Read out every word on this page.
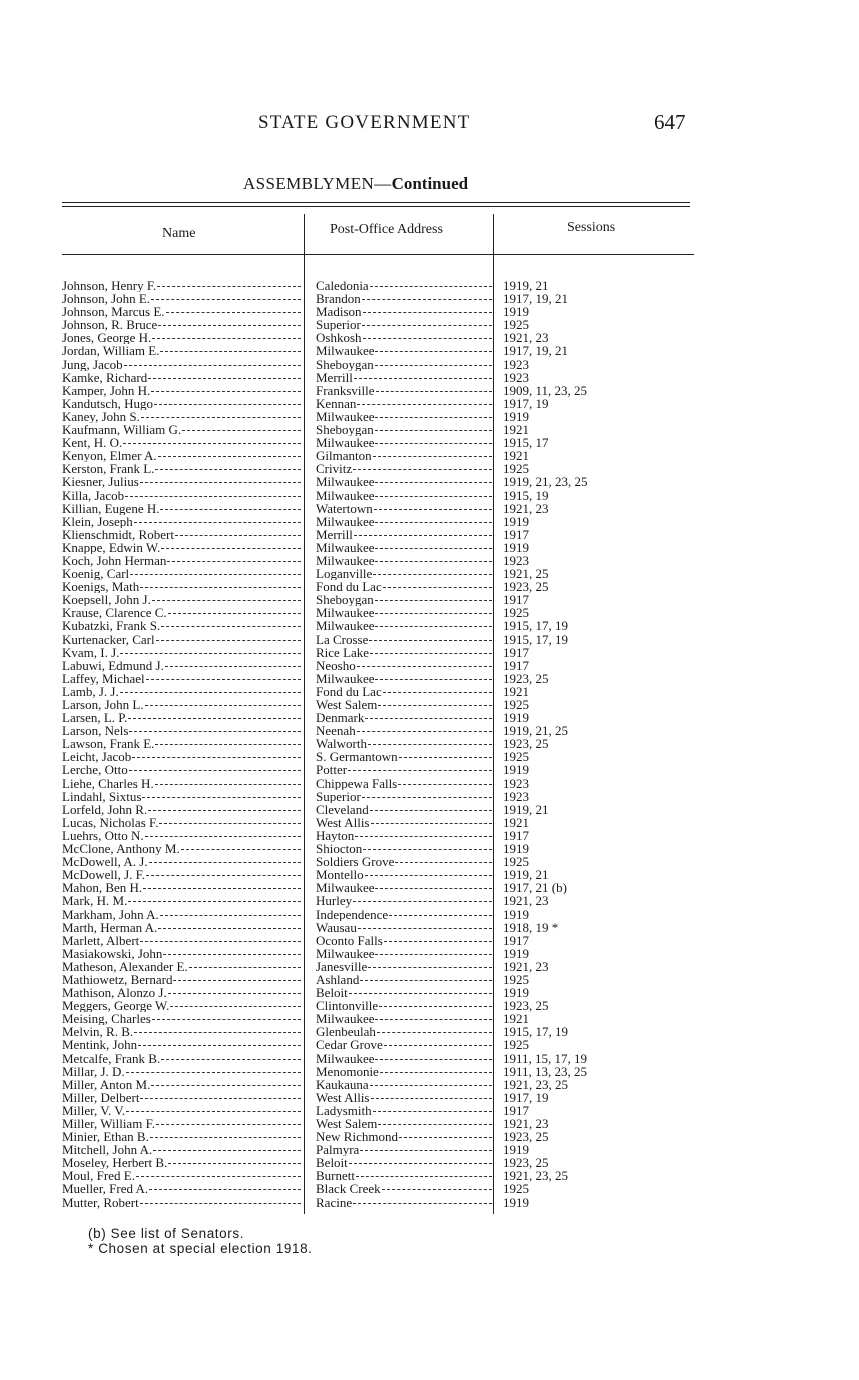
STATE GOVERNMENT	647
ASSEMBLYMEN—Continued
Name	Post-Office Address	Sessions
Johnson, Henry F.	Caledonia	1919, 21
Johnson, John E.	Brandon	1917, 19, 21
Johnson, Marcus E.	Madison	1919
Johnson, R. Bruce	Superior	1925
Jones, George H.	Oshkosh	1921, 23
Jordan, William E.	Milwaukee	1917, 19, 21
Jung, Jacob	Sheboygan	1923
Kamke, Richard	Merrill	1923
Kamper, John H.	Franksville	1909, 11, 23, 25
Kandutsch, Hugo	Kennan	1917, 19
Kaney, John S.	Milwaukee	1919
Kaufmann, William G.	Sheboygan	1921
Kent, H. O.	Milwaukee	1915, 17
Kenyon, Elmer A.	Gilmanton	1921
Kerston, Frank L.	Crivitz	1925
Kiesner, Julius	Milwaukee	1919, 21, 23, 25
Killa, Jacob	Milwaukee	1915, 19
Killian, Eugene H.	Watertown	1921, 23
Klein, Joseph	Milwaukee	1919
Klienschmidt, Robert	Merrill	1917
Knappe, Edwin W.	Milwaukee	1919
Koch, John Herman	Milwaukee	1923
Koenig, Carl	Loganville	1921, 25
Koenigs, Math	Fond du Lac	1923, 25
Koepsell, John J.	Sheboygan	1917
Krause, Clarence C.	Milwaukee	1925
Kubatzki, Frank S.	Milwaukee	1915, 17, 19
Kurtenacker, Carl	La Crosse	1915, 17, 19
Kvam, I. J.	Rice Lake	1917
Labuwi, Edmund J.	Neosho	1917
Laffey, Michael	Milwaukee	1923, 25
Lamb, J. J.	Fond du Lac	1921
Larson, John L.	West Salem	1925
Larsen, L. P.	Denmark	1919
Larson, Nels	Neenah	1919, 21, 25
Lawson, Frank E.	Walworth	1923, 25
Leicht, Jacob	S. Germantown	1925
Lerche, Otto	Potter	1919
Liehe, Charles H.	Chippewa Falls	1923
Lindahl, Sixtus	Superior	1923
Lorfeld, John R.	Cleveland	1919, 21
Lucas, Nicholas F.	West Allis	1921
Luehrs, Otto N.	Hayton	1917
McClone, Anthony M.	Shiocton	1919
McDowell, A. J.	Soldiers Grove	1925
McDowell, J. F.	Montello	1919, 21
Mahon, Ben H.	Milwaukee	1917, 21 (b)
Mark, H. M.	Hurley	1921, 23
Markham, John A.	Independence	1919
Marth, Herman A.	Wausau	1918, 19 *
Marlett, Albert	Oconto Falls	1917
Masiakowski, John	Milwaukee	1919
Matheson, Alexander E.	Janesville	1921, 23
Mathiowetz, Bernard	Ashland	1925
Mathison, Alonzo J.	Beloit	1919
Meggers, George W.	Clintonville	1923, 25
Meising, Charles	Milwaukee	1921
Melvin, R. B.	Glenbeulah	1915, 17, 19
Mentink, John	Cedar Grove	1925
Metcalfe, Frank B.	Milwaukee	1911, 15, 17, 19
Millar, J. D.	Menomonie	1911, 13, 23, 25
Miller, Anton M.	Kaukauna	1921, 23, 25
Miller, Delbert	West Allis	1917, 19
Miller, V. V.	Ladysmith	1917
Miller, William F.	West Salem	1921, 23
Minier, Ethan B.	New Richmond	1923, 25
Mitchell, John A.	Palmyra	1919
Moseley, Herbert B.	Beloit	1923, 25
Moul, Fred E.	Burnett	1921, 23, 25
Mueller, Fred A.	Black Creek	1925
Mutter, Robert	Racine	1919
(b) See list of Senators.
* Chosen at special election 1918.
